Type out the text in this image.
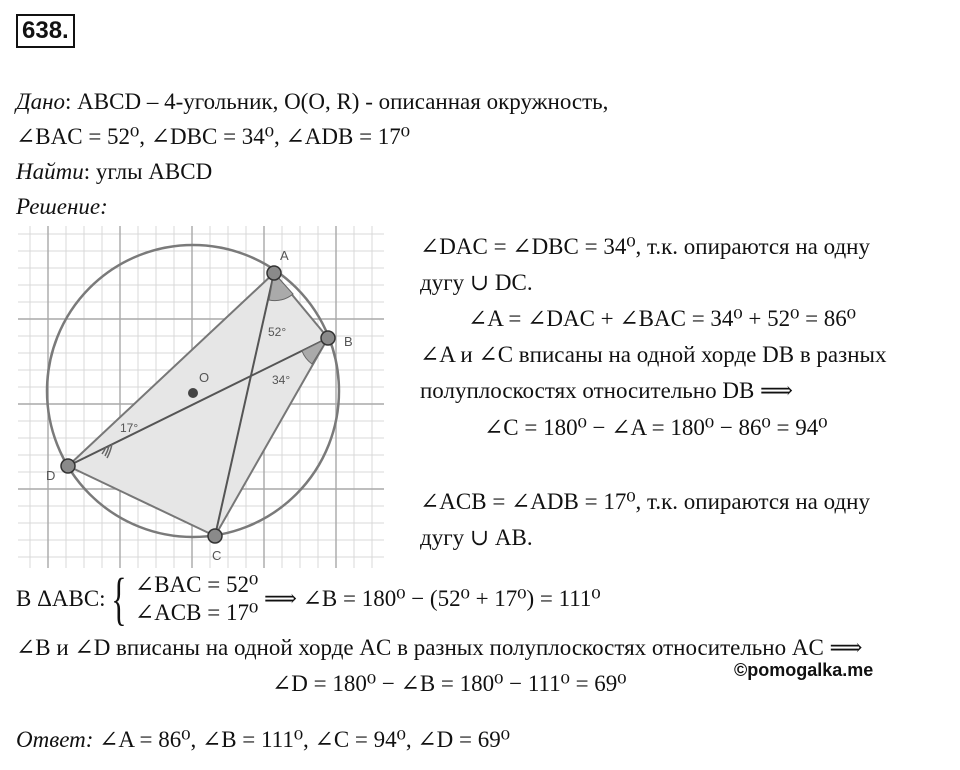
638.
Дано: ABCD – 4-угольник, O(O, R) - описанная окружность,
∠BAC = 52⁰, ∠DBC = 34⁰, ∠ADB = 17⁰
Найти: углы ABCD
Решение:
A
B
C
D
O
52°
34°
17°
∠DAC = ∠DBC = 34⁰, т.к. опираются на одну
дугу ∪ DC.
∠A = ∠DAC + ∠BAC = 34⁰ + 52⁰ = 86⁰
∠A и ∠C вписаны на одной хорде DB в разных
полуплоскостях относительно DB ⟹
∠C = 180⁰ − ∠A = 180⁰ − 86⁰ = 94⁰
∠ACB = ∠ADB = 17⁰, т.к. опираются на одну
дугу ∪ AB.
В ΔABC: { ∠BAC = 52⁰
∠ACB = 17⁰
⟹ ∠B = 180⁰ − (52⁰ + 17⁰) = 111⁰
∠B и ∠D вписаны на одной хорде AC в разных полуплоскостях относительно AC ⟹
∠D = 180⁰ − ∠B = 180⁰ − 111⁰ = 69⁰
©pomogalka.me
Ответ: ∠A = 86⁰, ∠B = 111⁰, ∠C = 94⁰, ∠D = 69⁰
